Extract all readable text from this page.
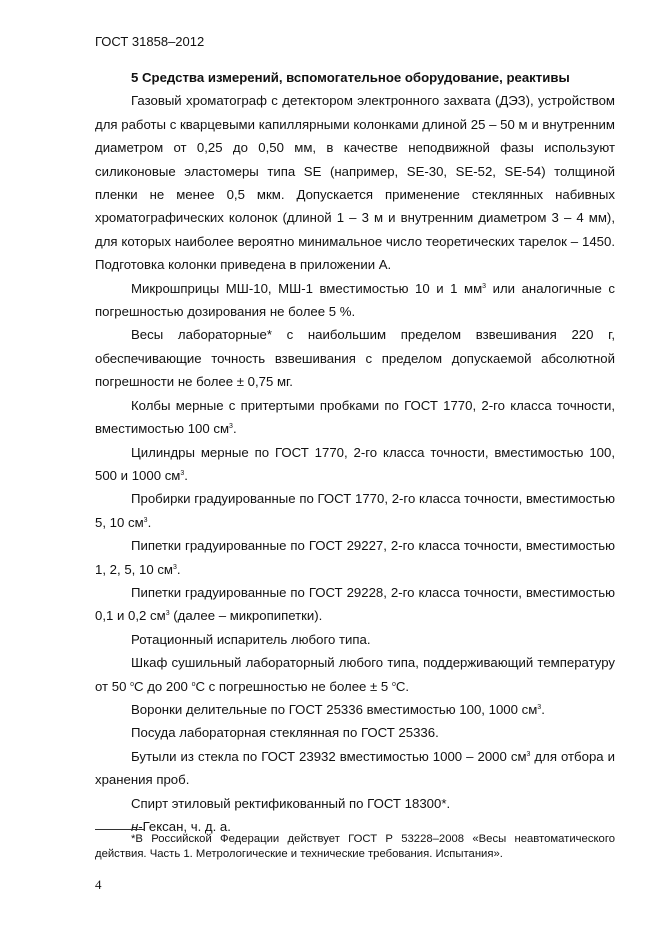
ГОСТ 31858–2012

5 Средства измерений, вспомогательное оборудование, реактивы

Газовый хроматограф с детектором электронного захвата (ДЭЗ), устройством для работы с кварцевыми капиллярными колонками длиной 25 – 50 м и внутренним диаметром от 0,25 до 0,50 мм, в качестве неподвижной фазы используют силиконовые эластомеры типа SE (например, SE-30, SE-52, SE-54) толщиной пленки не менее 0,5 мкм. Допускается применение стеклянных набивных хроматографических колонок (длиной 1 – 3 м и внутренним диаметром 3 – 4 мм), для которых наиболее вероятно минимальное число теоретических тарелок – 1450. Подготовка колонки приведена в приложении А.

Микрошприцы МШ-10, МШ-1 вместимостью 10 и 1 $мм^3$ или аналогичные с погрешностью дозирования не более 5 %.

Весы лабораторные* с наибольшим пределом взвешивания 220 г, обеспечивающие точность взвешивания с пределом допускаемой абсолютной погрешности не более ± 0,75 мг.

Колбы мерные с притертыми пробками по ГОСТ 1770, 2-го класса точности, вместимостью 100 $см^3$.

Цилиндры мерные по ГОСТ 1770, 2-го класса точности, вместимостью 100, 500 и 1000 $см^3$.

Пробирки градуированные по ГОСТ 1770, 2-го класса точности, вместимостью 5, 10 $см^3$.

Пипетки градуированные по ГОСТ 29227, 2-го класса точности, вместимостью 1, 2, 5, 10 $см^3$.

Пипетки градуированные по ГОСТ 29228, 2-го класса точности, вместимостью 0,1 и 0,2 $см^3$ (далее – микропипетки).

Ротационный испаритель любого типа.

Шкаф сушильный лабораторный любого типа, поддерживающий температуру от 50 $^о$С до 200 $^о$С с погрешностью не более ± 5 $^о$С.

Воронки делительные по ГОСТ 25336 вместимостью 100, 1000 $см^3$.

Посуда лабораторная стеклянная по ГОСТ 25336.

Бутыли из стекла по ГОСТ 23932 вместимостью 1000 – 2000 $см^3$ для отбора и хранения проб.

Спирт этиловый ректификованный по ГОСТ 18300*.

н-Гексан, ч. д. а.

*В Российской Федерации действует ГОСТ Р 53228–2008 «Весы неавтоматического действия. Часть 1. Метрологические и технические требования. Испытания».

4
